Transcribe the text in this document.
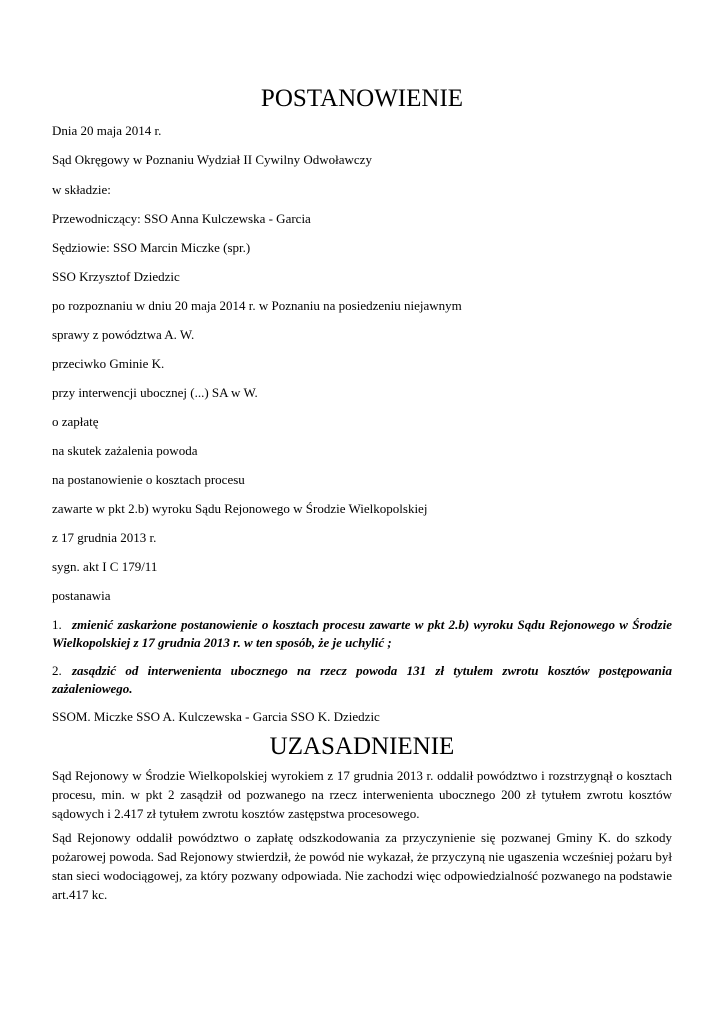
POSTANOWIENIE
Dnia 20 maja 2014 r.
Sąd Okręgowy w Poznaniu Wydział II Cywilny Odwoławczy
w składzie:
Przewodniczący: SSO Anna Kulczewska - Garcia
Sędziowie: SSO Marcin Miczke (spr.)
SSO Krzysztof Dziedzic
po rozpoznaniu w dniu 20 maja 2014 r. w Poznaniu na posiedzeniu niejawnym
sprawy z powództwa A. W.
przeciwko Gminie K.
przy interwencji ubocznej (...) SA w W.
o zapłatę
na skutek zażalenia powoda
na postanowienie o kosztach procesu
zawarte w pkt 2.b) wyroku Sądu Rejonowego w Środzie Wielkopolskiej
z 17 grudnia 2013 r.
sygn. akt I C 179/11
postanawia
1. zmienić zaskarżone postanowienie o kosztach procesu zawarte w pkt 2.b) wyroku Sądu Rejonowego w Środzie Wielkopolskiej z 17 grudnia 2013 r. w ten sposób, że je uchylić ;
2. zasądzić od interwenienta ubocznego na rzecz powoda 131 zł tytułem zwrotu kosztów postępowania zażaleniowego.
SSOM. Miczke SSO A. Kulczewska - Garcia SSO K. Dziedzic
UZASADNIENIE
Sąd Rejonowy w Środzie Wielkopolskiej wyrokiem z 17 grudnia 2013 r. oddalił powództwo i rozstrzygnął o kosztach procesu, min. w pkt 2 zasądził od pozwanego na rzecz interwenienta ubocznego 200 zł tytułem zwrotu kosztów sądowych i 2.417 zł tytułem zwrotu kosztów zastępstwa procesowego.
Sąd Rejonowy oddalił powództwo o zapłatę odszkodowania za przyczynienie się pozwanej Gminy K. do szkody pożarowej powoda. Sad Rejonowy stwierdził, że powód nie wykazał, że przyczyną nie ugaszenia wcześniej pożaru był stan sieci wodociągowej, za który pozwany odpowiada. Nie zachodzi więc odpowiedzialność pozwanego na podstawie art.417 kc.
